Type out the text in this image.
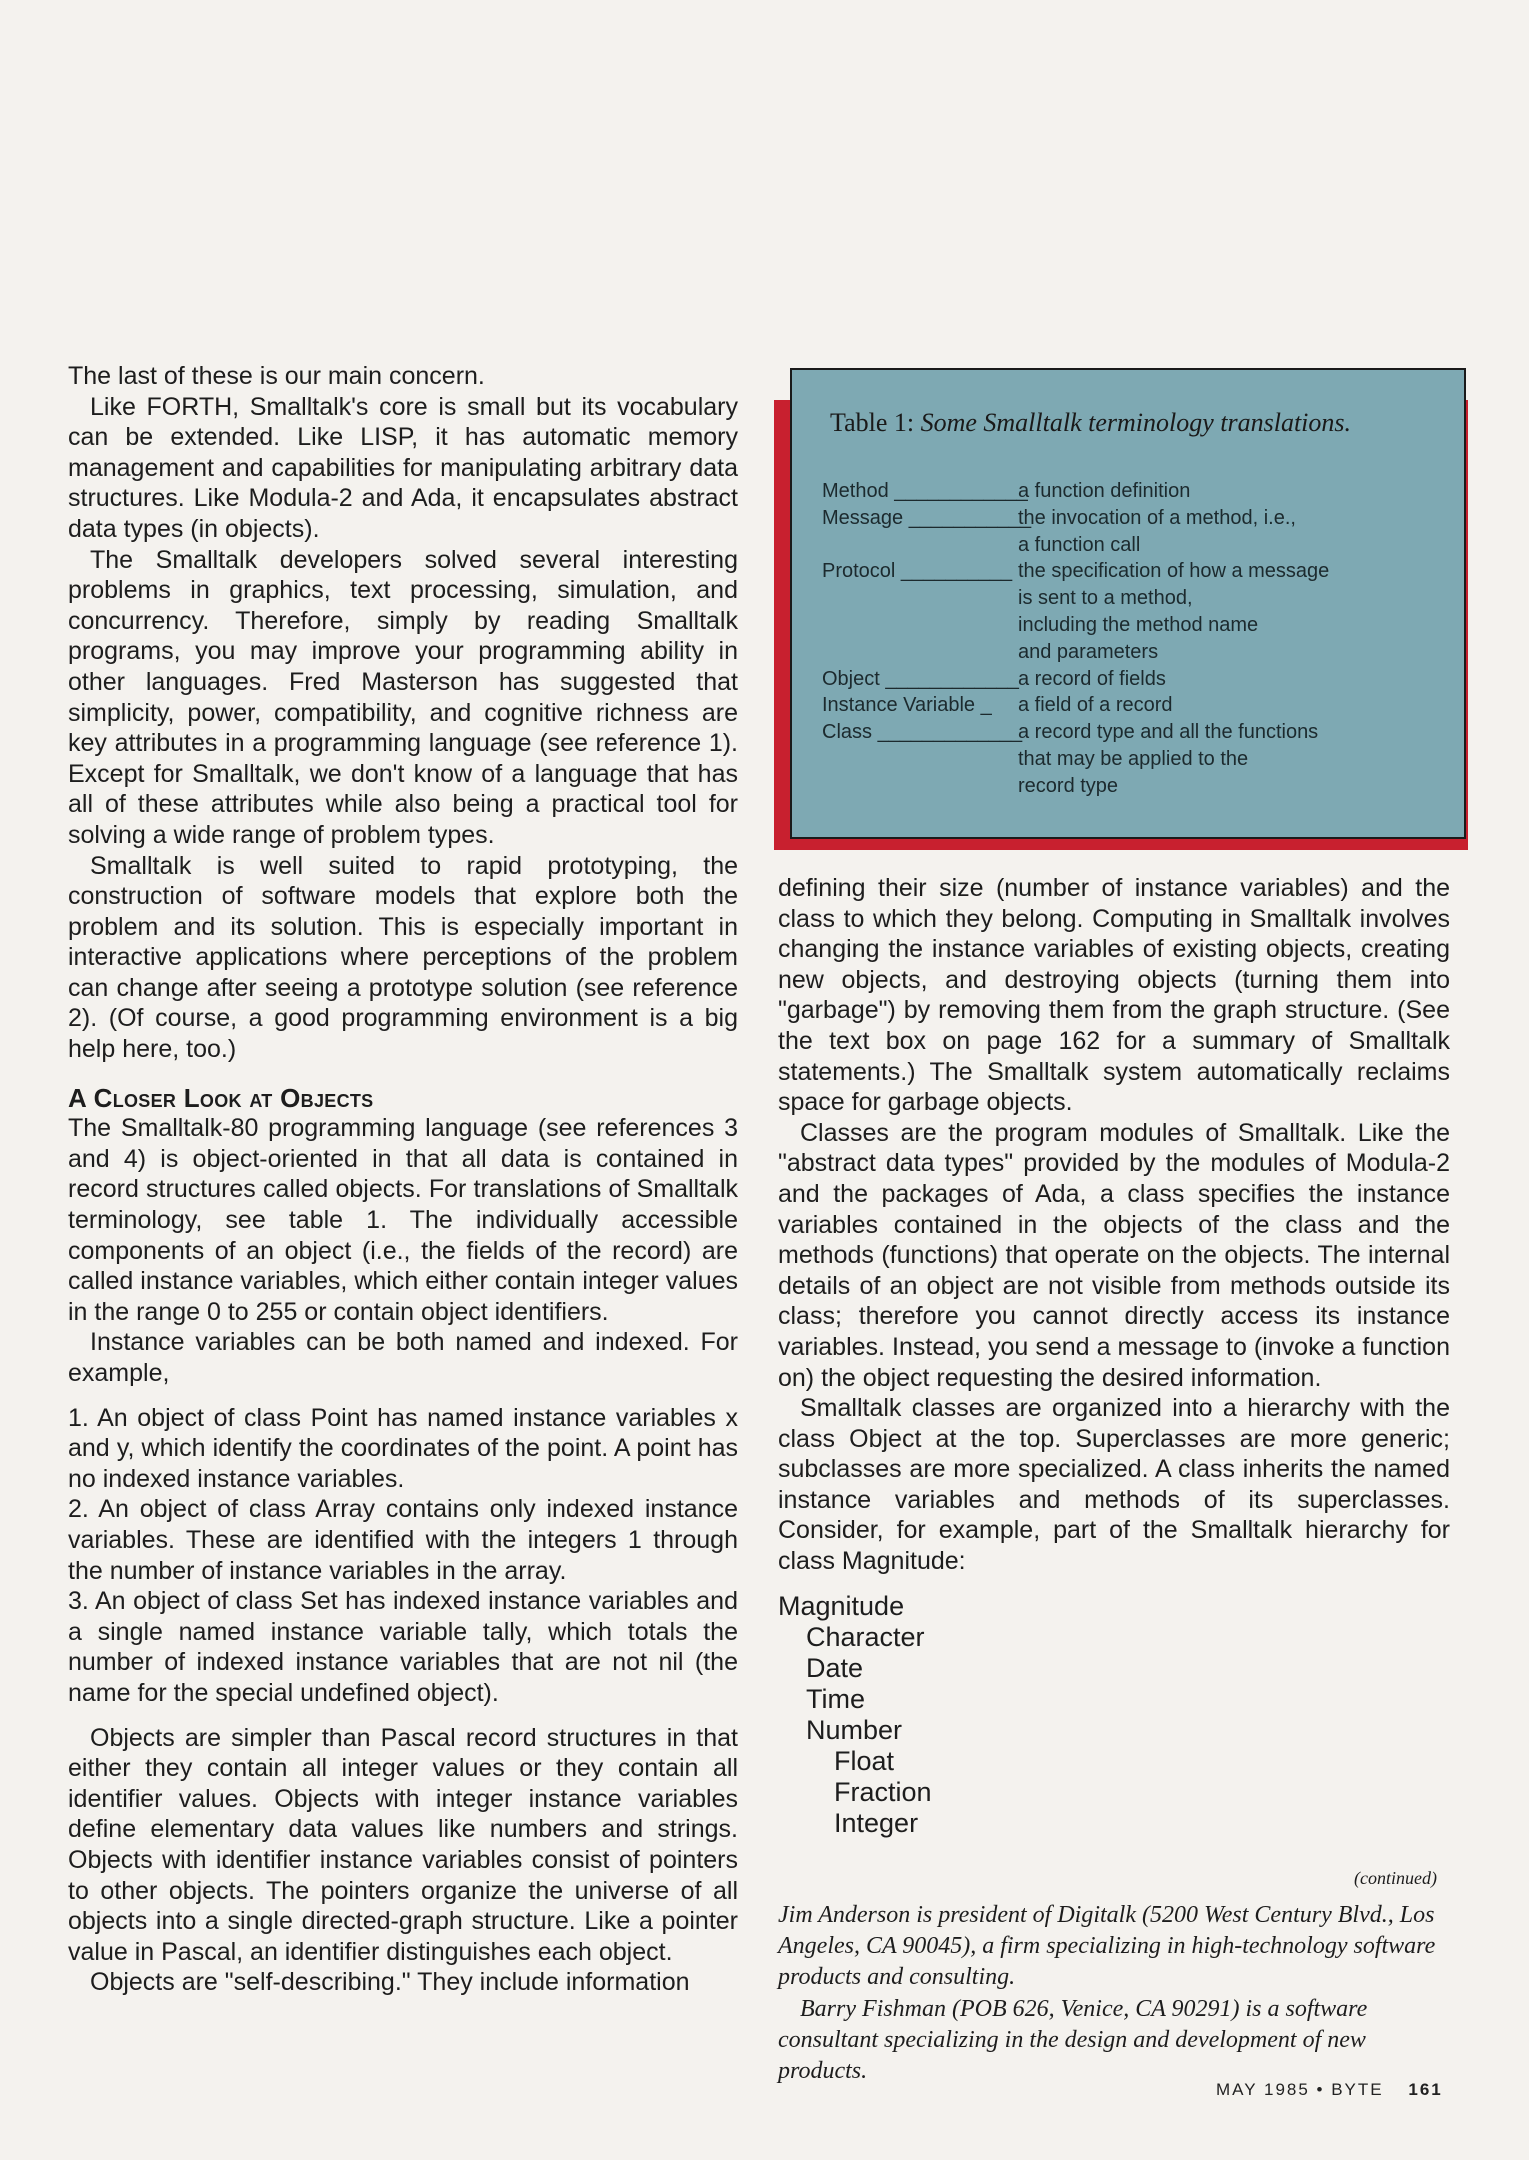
The last of these is our main concern.

Like FORTH, Smalltalk's core is small but its vocabulary can be extended. Like LISP, it has automatic memory management and capabilities for manipulating arbitrary data structures. Like Modula-2 and Ada, it encapsulates abstract data types (in objects).

The Smalltalk developers solved several interesting problems in graphics, text processing, simulation, and concurrency. Therefore, simply by reading Smalltalk programs, you may improve your programming ability in other languages. Fred Masterson has suggested that simplicity, power, compatibility, and cognitive richness are key attributes in a programming language (see reference 1). Except for Smalltalk, we don't know of a language that has all of these attributes while also being a practical tool for solving a wide range of problem types.

Smalltalk is well suited to rapid prototyping, the construction of software models that explore both the problem and its solution. This is especially important in interactive applications where perceptions of the problem can change after seeing a prototype solution (see reference 2). (Of course, a good programming environment is a big help here, too.)

A Closer Look at Objects

The Smalltalk-80 programming language (see references 3 and 4) is object-oriented in that all data is contained in record structures called objects. For translations of Smalltalk terminology, see table 1. The individually accessible components of an object (i.e., the fields of the record) are called instance variables, which either contain integer values in the range 0 to 255 or contain object identifiers.

Instance variables can be both named and indexed. For example,

1. An object of class Point has named instance variables x and y, which identify the coordinates of the point. A point has no indexed instance variables.

2. An object of class Array contains only indexed instance variables. These are identified with the integers 1 through the number of instance variables in the array.

3. An object of class Set has indexed instance variables and a single named instance variable tally, which totals the number of indexed instance variables that are not nil (the name for the special undefined object).

Objects are simpler than Pascal record structures in that either they contain all integer values or they contain all identifier values. Objects with integer instance variables define elementary data values like numbers and strings. Objects with identifier instance variables consist of pointers to other objects. The pointers organize the universe of all objects into a single directed-graph structure. Like a pointer value in Pascal, an identifier distinguishes each object.

Objects are "self-describing." They include information

Table 1: Some Smalltalk terminology translations.
Method ____________
a function definition
Message ___________
the invocation of a method, i.e.,
a function call
Protocol __________ the specification of how a message
is sent to a method,
including the method name
and parameters
Object ____________ a record of fields
Instance Variable _ a field of a record
Class _____________
a record type and all the functions
that may be applied to the
record type

defining their size (number of instance variables) and the class to which they belong. Computing in Smalltalk involves changing the instance variables of existing objects, creating new objects, and destroying objects (turning them into "garbage") by removing them from the graph structure. (See the text box on page 162 for a summary of Smalltalk statements.) The Smalltalk system automatically reclaims space for garbage objects.

Classes are the program modules of Smalltalk. Like the "abstract data types" provided by the modules of Modula-2 and the packages of Ada, a class specifies the instance variables contained in the objects of the class and the methods (functions) that operate on the objects. The internal details of an object are not visible from methods outside its class; therefore you cannot directly access its instance variables. Instead, you send a message to (invoke a function on) the object requesting the desired information.

Smalltalk classes are organized into a hierarchy with the class Object at the top. Superclasses are more generic; subclasses are more specialized. A class inherits the named instance variables and methods of its superclasses. Consider, for example, part of the Smalltalk hierarchy for class Magnitude:

Magnitude
Character
Date
Time
Number
Float
Fraction
Integer
(continued)
Jim Anderson is president of Digitalk (5200 West Century Blvd., Los Angeles, CA 90045), a firm specializing in high-technology software products and consulting.
Barry Fishman (POB 626, Venice, CA 90291) is a software consultant specializing in the design and development of new products.
MAY 1985 • BYTE 161
